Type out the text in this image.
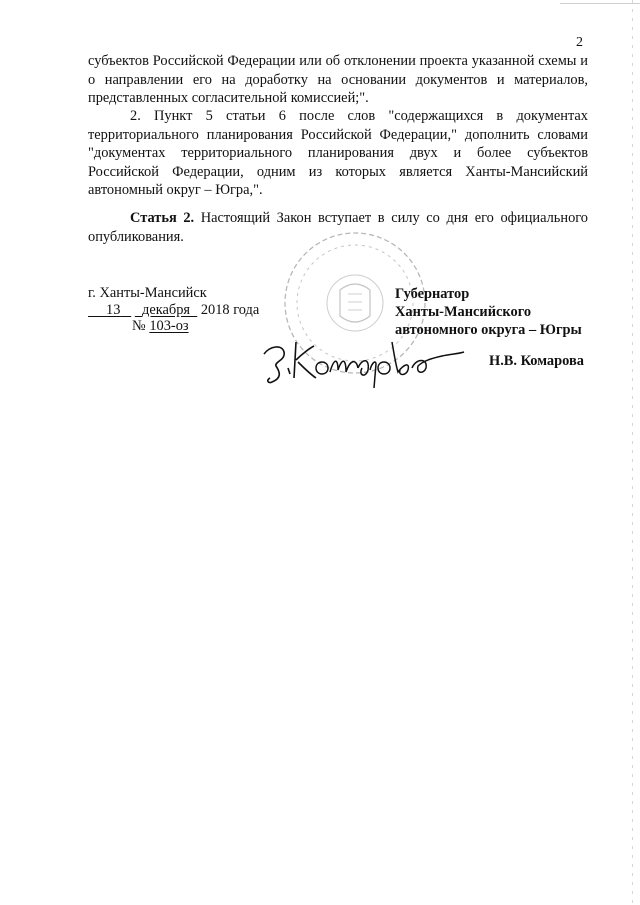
2

субъектов Российской Федерации или об отклонении проекта указанной схемы и о направлении его на доработку на основании документов и материалов, представленных согласительной комиссией;".

2. Пункт 5 статьи 6 после слов "содержащихся в документах территориального планирования Российской Федерации," дополнить словами "документах территориального планирования двух и более субъектов Российской Федерации, одним из которых является Ханты-Мансийский автономный округ – Югра,".

Статья 2. Настоящий Закон вступает в силу со дня его официального опубликования.

г. Ханты-Мансийск
13 декабря 2018 года
№ 103-оз
Губернатор
Ханты-Мансийского
автономного округа – Югры
Н.В. Комарова
